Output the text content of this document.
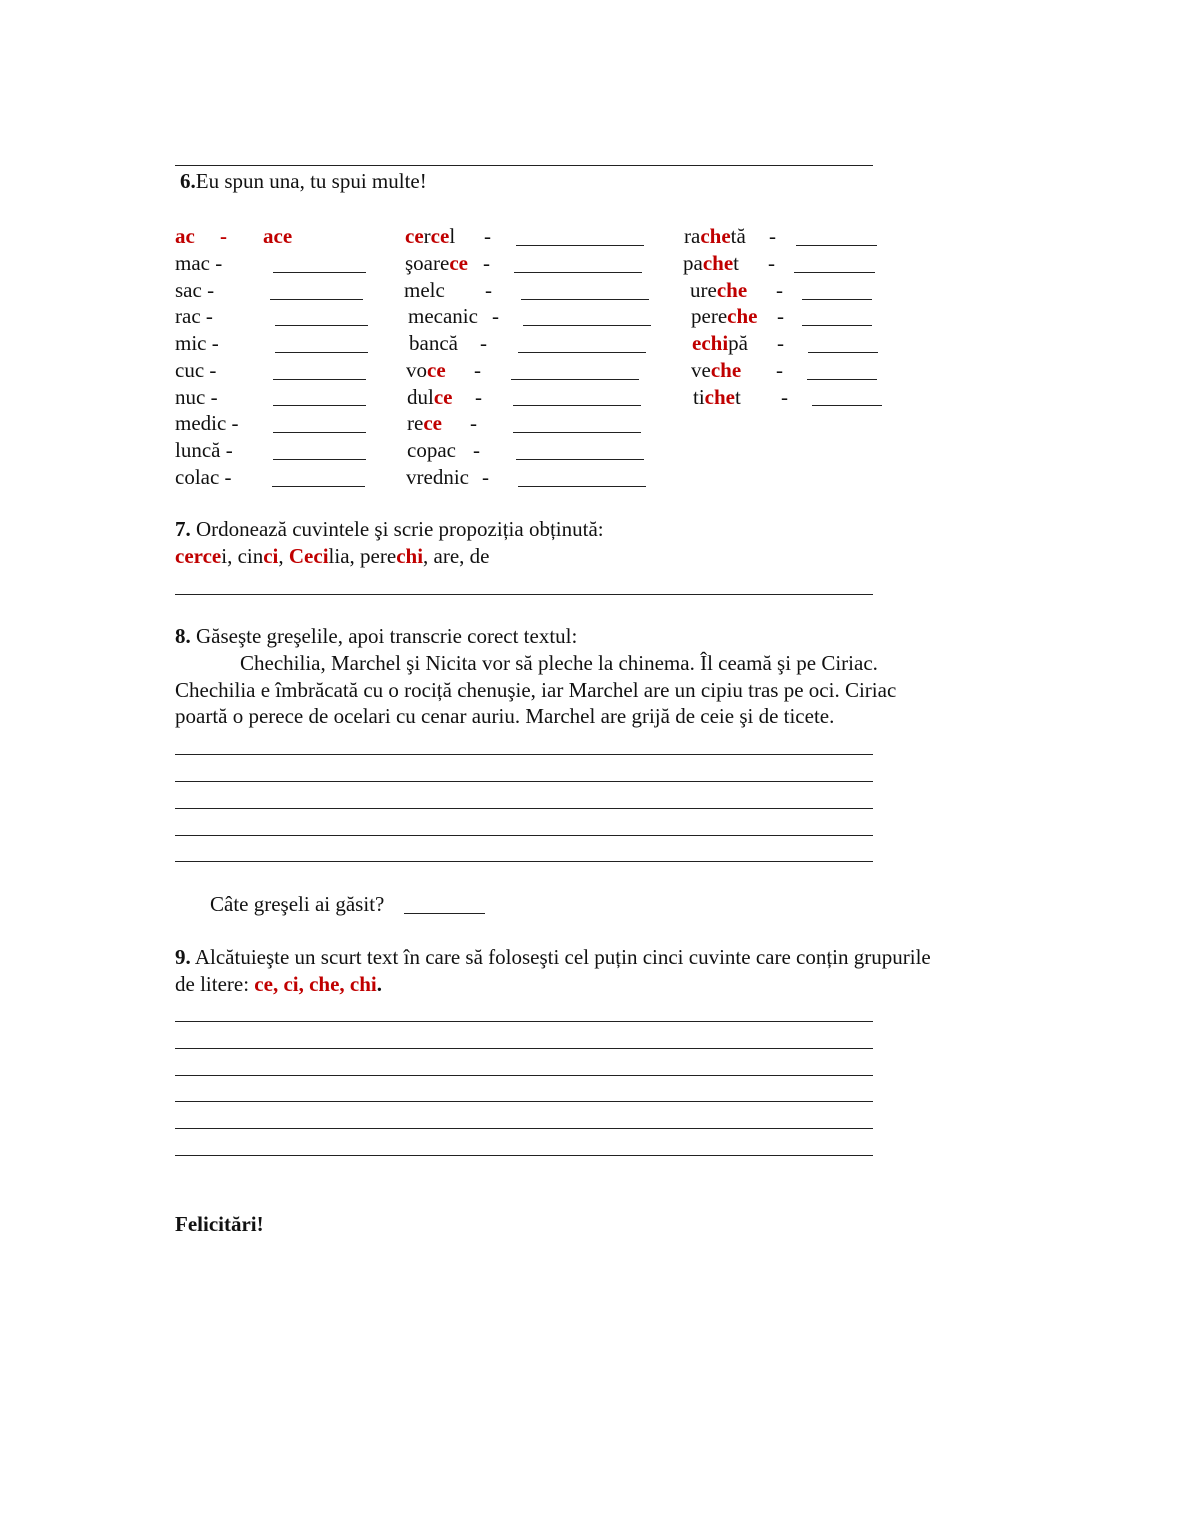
6.Eu spun una, tu spui multe!
ac - ace
mac -
sac -
rac -
mic -
cuc -
nuc -
medic -
luncă -
colac -
cercel -
şoarece -
melc -
mecanic -
bancă -
voce -
dulce -
rece -
copac -
vrednic -
rachetă -
pachet -
ureche -
pereche -
echipă -
veche -
tichet -
7. Ordonează cuvintele şi scrie propoziția obținută:
cercei, cinci, Cecilia, perechi, are, de
8. Găseşte greşelile, apoi transcrie corect textul:
Chechilia, Marchel şi Nicita vor să pleche la chinema. Îl ceamă şi pe Ciriac.
Chechilia e îmbrăcată cu o rociță chenuşie, iar Marchel are un cipiu tras pe oci. Ciriac
poartă o perece de ocelari cu cenar auriu. Marchel are grijă de ceie şi de ticete.
Câte greşeli ai găsit?
9. Alcătuieşte un scurt text în care să foloseşti cel puțin cinci cuvinte care conțin grupurile
de litere: ce, ci, che, chi.
Felicitări!
